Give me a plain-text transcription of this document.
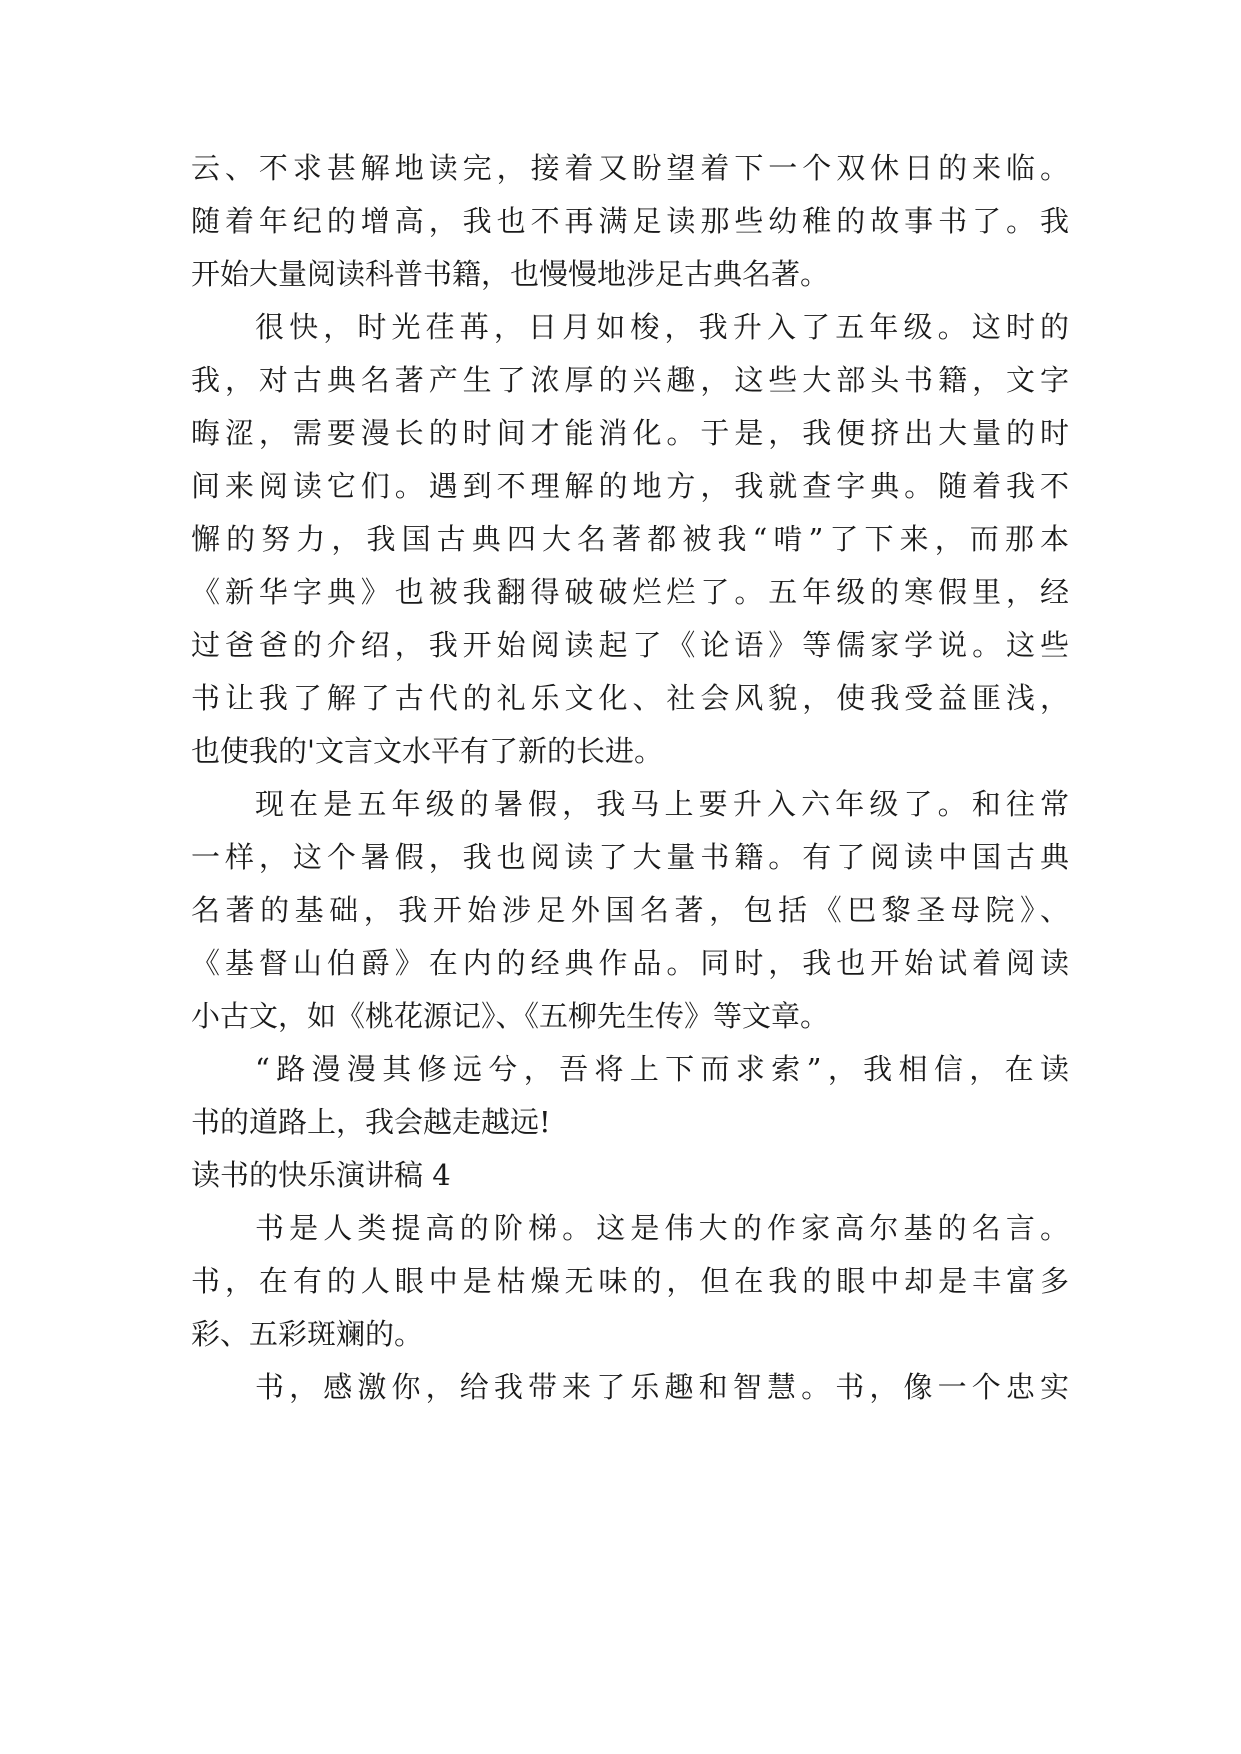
云、不求甚解地读完，接着又盼望着下一个双休日的来临。
随着年纪的增高，我也不再满足读那些幼稚的故事书了。我
开始大量阅读科普书籍，也慢慢地涉足古典名著。
很快，时光荏苒，日月如梭，我升入了五年级。这时的
我，对古典名著产生了浓厚的兴趣，这些大部头书籍，文字
晦涩，需要漫长的时间才能消化。于是，我便挤出大量的时
间来阅读它们。遇到不理解的地方，我就查字典。随着我不
懈的努力，我国古典四大名著都被我“啃”了下来，而那本
《新华字典》也被我翻得破破烂烂了。五年级的寒假里，经
过爸爸的介绍，我开始阅读起了《论语》等儒家学说。这些
书让我了解了古代的礼乐文化、社会风貌，使我受益匪浅，
也使我的'文言文水平有了新的长进。
现在是五年级的暑假，我马上要升入六年级了。和往常
一样，这个暑假，我也阅读了大量书籍。有了阅读中国古典
名著的基础，我开始涉足外国名著，包括《巴黎圣母院》、
《基督山伯爵》在内的经典作品。同时，我也开始试着阅读
小古文，如《桃花源记》、《五柳先生传》等文章。
“路漫漫其修远兮，吾将上下而求索”，我相信，在读
书的道路上，我会越走越远!
读书的快乐演讲稿 4
书是人类提高的阶梯。这是伟大的作家高尔基的名言。
书，在有的人眼中是枯燥无味的，但在我的眼中却是丰富多
彩、五彩斑斓的。
书，感激你，给我带来了乐趣和智慧。书，像一个忠实
